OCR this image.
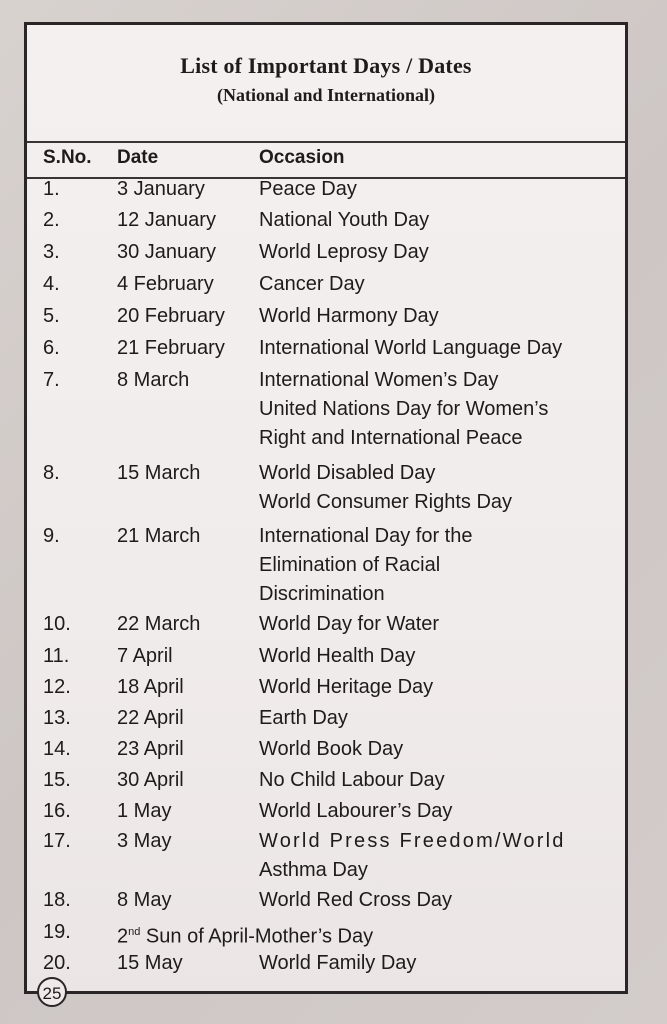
List of Important Days / Dates
(National and International)
S.No. Date	Occasion
1.	3 January	Peace Day
2.	12 January National Youth Day
3.	30 January World Leprosy Day
4.	4 February Cancer Day
5.	20 February World Harmony Day
6.	21 February International World Language Day
7.	8 March	International Women’s Day
United Nations Day for Women’s
Right and International Peace
8.	15 March	World Disabled Day
World Consumer Rights Day
9.	21 March	International Day for the
Elimination of Racial
Discrimination
10. 22 March	World Day for Water
11. 7 April	World Health Day
12. 18 April	World Heritage Day
13. 22 April	Earth Day
14. 23 April	World Book Day
15. 30 April	No Child Labour Day
16. 1 May	World Labourer’s Day
17. 3 May	World Press Freedom/World
Asthma Day
18. 8 May	World Red Cross Day
19. 2nd Sun of April-Mother’s Day
20. 15 May	World Family Day
25
